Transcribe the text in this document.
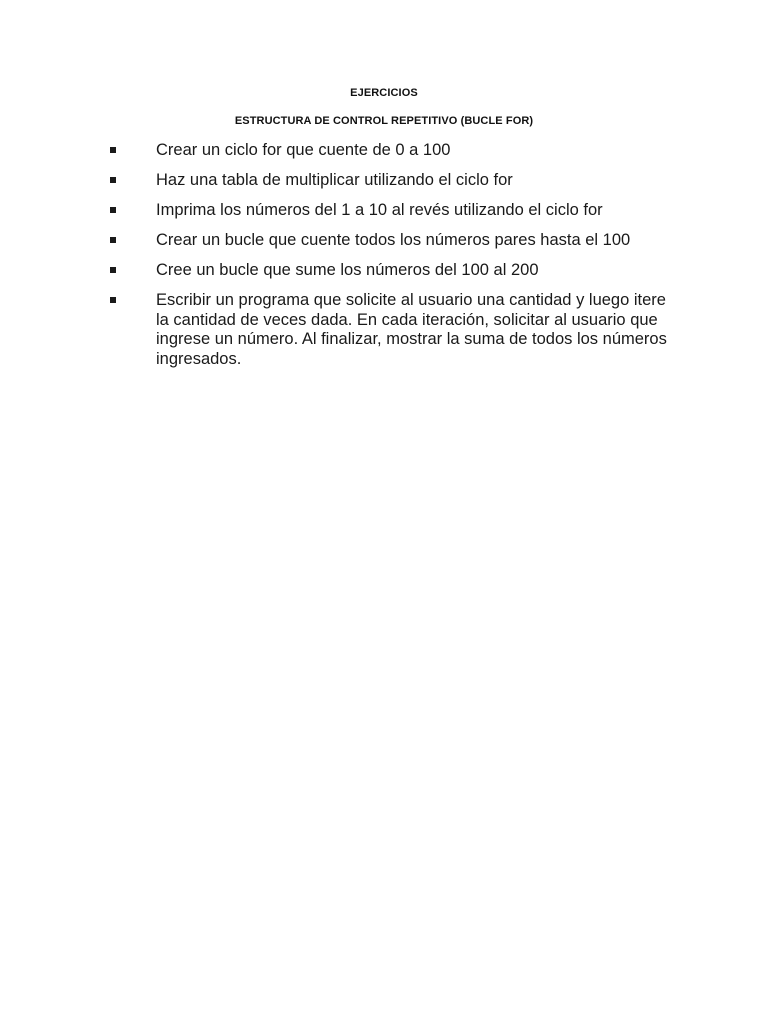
EJERCICIOS
ESTRUCTURA DE CONTROL REPETITIVO (BUCLE FOR)
Crear un ciclo for que cuente de 0 a 100
Haz una tabla de multiplicar utilizando el ciclo for
Imprima los números del 1 a 10 al revés utilizando el ciclo for
Crear un bucle que cuente todos los números pares hasta el 100
Cree un bucle que sume los números del 100 al 200
Escribir un programa que solicite al usuario una cantidad y luego itere la cantidad de veces dada. En cada iteración, solicitar al usuario que ingrese un número. Al finalizar, mostrar la suma de todos los números ingresados.
